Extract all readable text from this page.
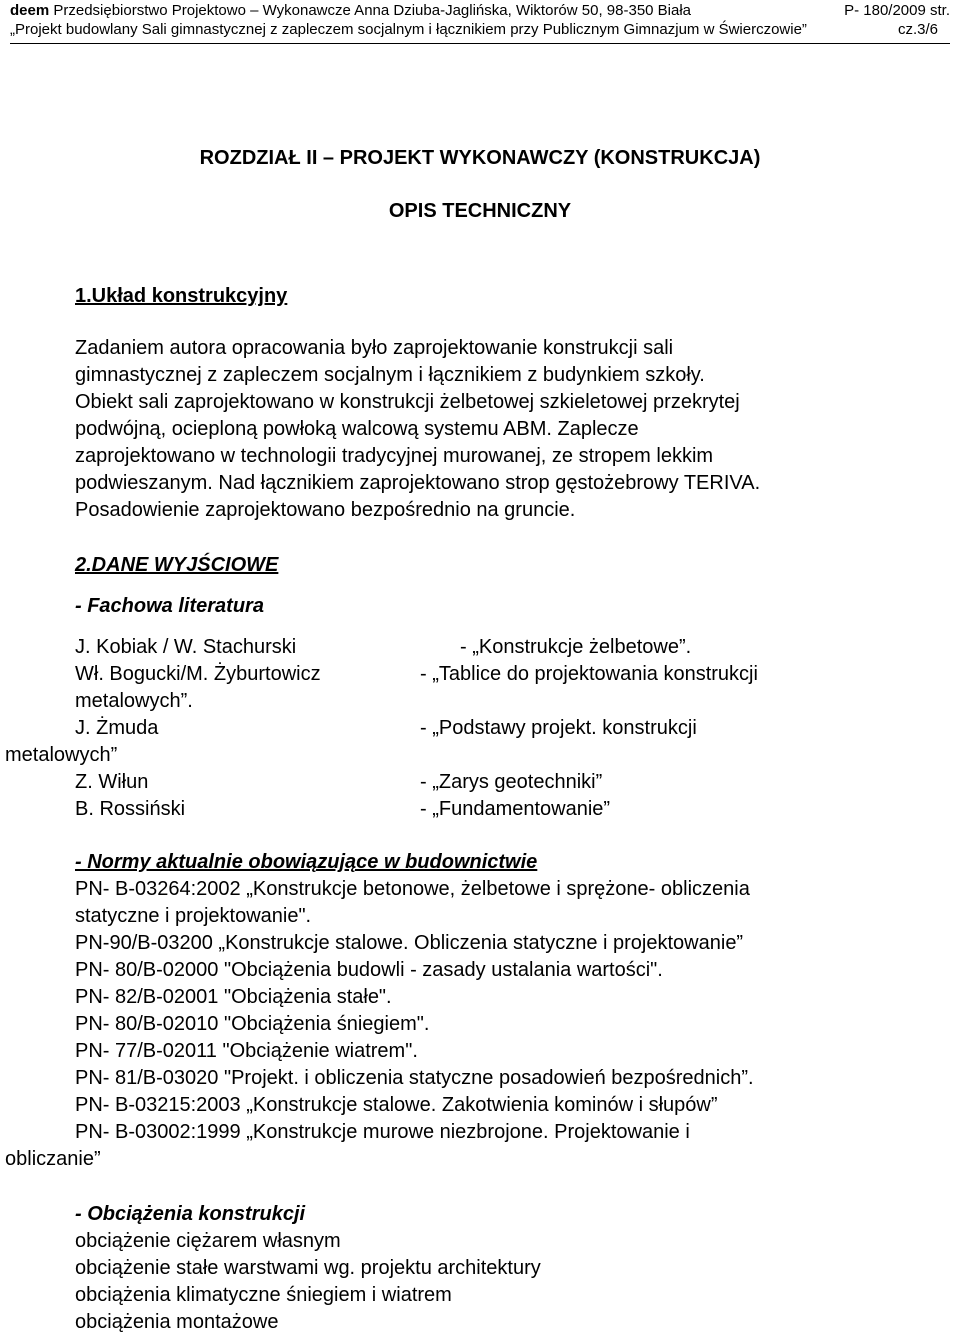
deem Przedsiębiorstwo Projektowo – Wykonawcze Anna Dziuba-Jaglińska, Wiktorów 50, 98-350 Biała	P- 180/2009 str.
„Projekt budowlany Sali gimnastycznej z zapleczem socjalnym i łącznikiem przy Publicznym Gimnazjum w Świerczowie”	cz.3/6
ROZDZIAŁ II – PROJEKT WYKONAWCZY (KONSTRUKCJA)
OPIS TECHNICZNY
1.Układ konstrukcyjny
Zadaniem autora opracowania było zaprojektowanie konstrukcji sali
gimnastycznej z zapleczem socjalnym i łącznikiem z budynkiem szkoły.
Obiekt sali zaprojektowano w konstrukcji żelbetowej szkieletowej przekrytej
podwójną, ocieploną powłoką walcową systemu ABM. Zaplecze
zaprojektowano w technologii tradycyjnej murowanej, ze stropem lekkim
podwieszanym. Nad łącznikiem zaprojektowano strop gęstożebrowy TERIVA.
Posadowienie zaprojektowano bezpośrednio na gruncie.
2.DANE WYJŚCIOWE
- Fachowa literatura
J. Kobiak / W. Stachurski	- „Konstrukcje żelbetowe”.
Wł. Bogucki/M. Żyburtowicz	- „Tablice do projektowania konstrukcji
metalowych”.
J. Żmuda	- „Podstawy projekt. konstrukcji
metalowych”
Z. Wiłun	- „Zarys geotechniki”
B. Rossiński	- „Fundamentowanie”
- Normy aktualnie obowiązujące w budownictwie
PN- B-03264:2002 „Konstrukcje betonowe, żelbetowe i sprężone- obliczenia
statyczne i projektowanie".
PN-90/B-03200 „Konstrukcje stalowe. Obliczenia statyczne i projektowanie”
PN- 80/B-02000 "Obciążenia budowli - zasady ustalania wartości".
PN- 82/B-02001 "Obciążenia stałe".
PN- 80/B-02010 "Obciążenia śniegiem".
PN- 77/B-02011 "Obciążenie wiatrem".
PN- 81/B-03020 "Projekt. i obliczenia statyczne posadowień bezpośrednich”.
PN- B-03215:2003 „Konstrukcje stalowe. Zakotwienia kominów i słupów”
PN- B-03002:1999 „Konstrukcje murowe niezbrojone. Projektowanie i
obliczanie”
- Obciążenia konstrukcji
obciążenie ciężarem własnym
obciążenie stałe warstwami wg. projektu architektury
obciążenia klimatyczne śniegiem i wiatrem
obciążenia montażowe
